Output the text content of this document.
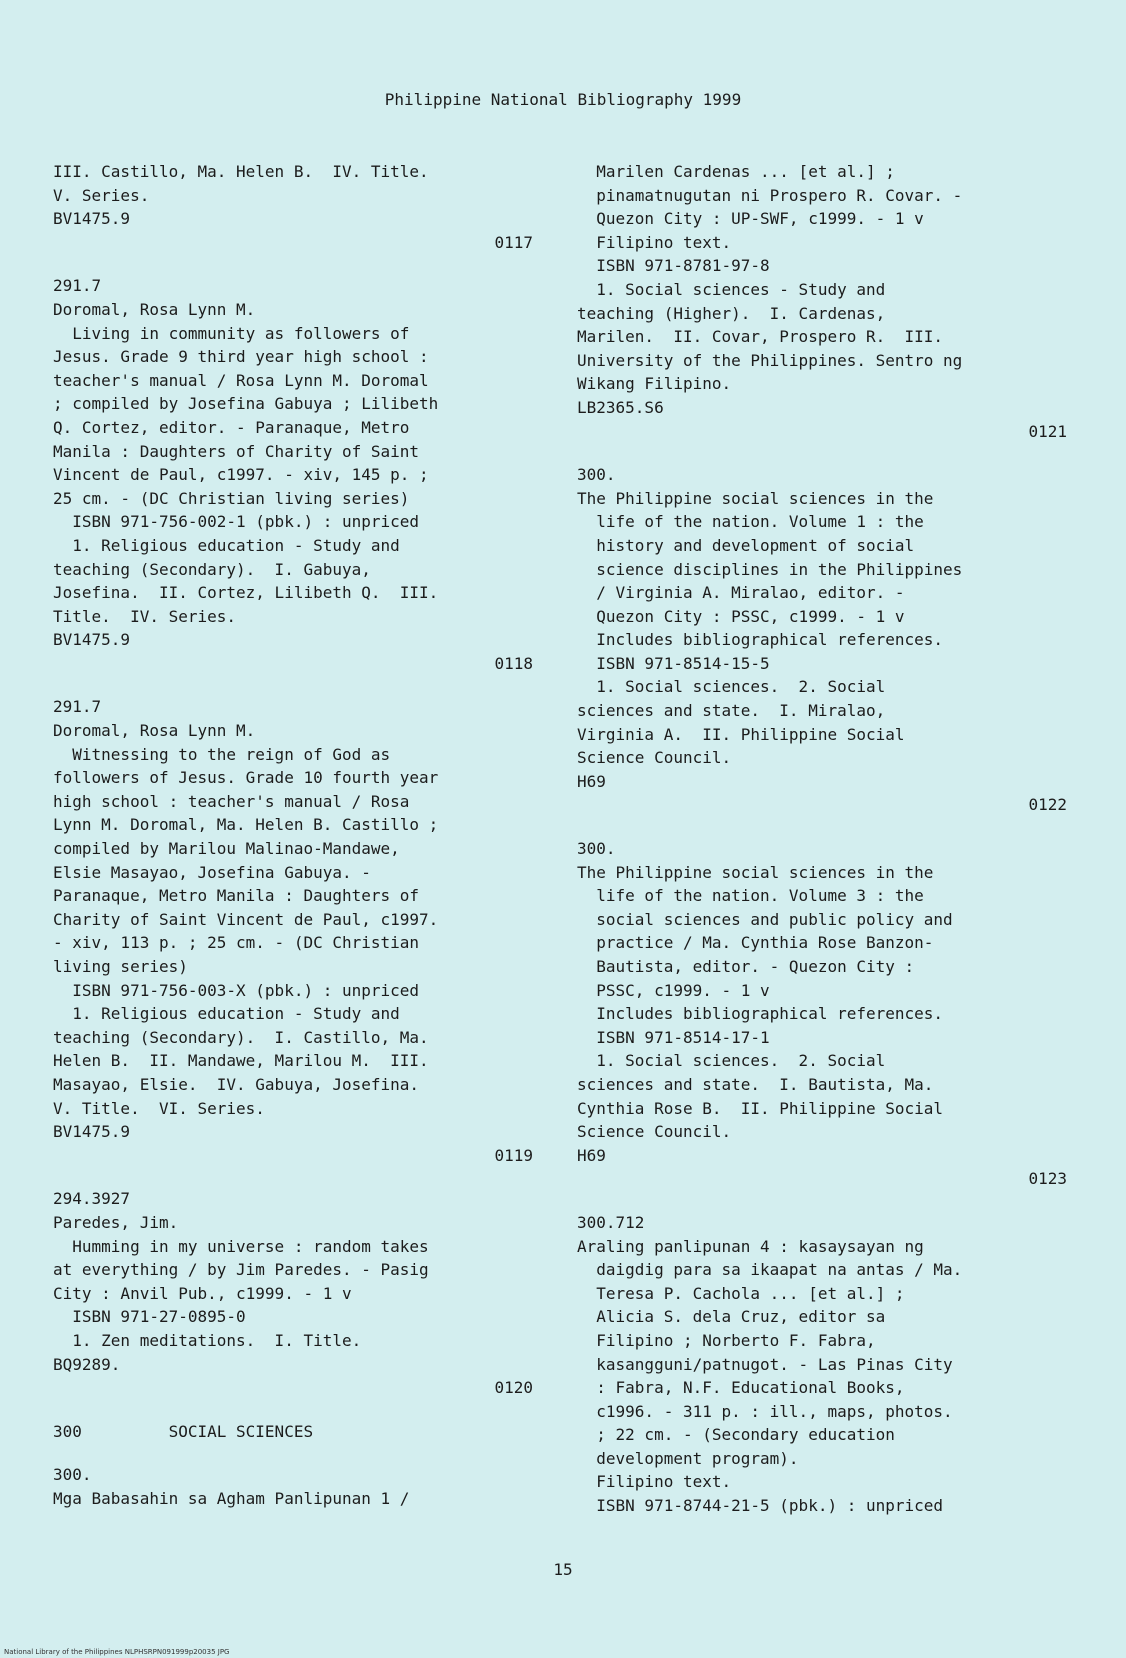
Philippine National Bibliography 1999

III. Castillo, Ma. Helen B.  IV. Title.
V. Series.
BV1475.9

0117

291.7
Doromal, Rosa Lynn M.
Living in community as followers of
Jesus. Grade 9 third year high school :
teacher's manual / Rosa Lynn M. Doromal
; compiled by Josefina Gabuya ; Lilibeth
Q. Cortez, editor. - Paranaque, Metro
Manila : Daughters of Charity of Saint
Vincent de Paul, c1997. - xiv, 145 p. ;
25 cm. - (DC Christian living series)
ISBN 971-756-002-1 (pbk.) : unpriced
1. Religious education - Study and
teaching (Secondary).  I. Gabuya,
Josefina.  II. Cortez, Lilibeth Q.  III.
Title.  IV. Series.
BV1475.9

0118

291.7
Doromal, Rosa Lynn M.
Witnessing to the reign of God as
followers of Jesus. Grade 10 fourth year
high school : teacher's manual / Rosa
Lynn M. Doromal, Ma. Helen B. Castillo ;
compiled by Marilou Malinao-Mandawe,
Elsie Masayao, Josefina Gabuya. -
Paranaque, Metro Manila : Daughters of
Charity of Saint Vincent de Paul, c1997.
- xiv, 113 p. ; 25 cm. - (DC Christian
living series)
ISBN 971-756-003-X (pbk.) : unpriced
1. Religious education - Study and
teaching (Secondary).  I. Castillo, Ma.
Helen B.  II. Mandawe, Marilou M.  III.
Masayao, Elsie.  IV. Gabuya, Josefina.
V. Title.  VI. Series.
BV1475.9

0119

294.3927
Paredes, Jim.
Humming in my universe : random takes
at everything / by Jim Paredes. - Pasig
City : Anvil Pub., c1999. - 1 v
ISBN 971-27-0895-0
1. Zen meditations.  I. Title.
BQ9289.

0120

300         SOCIAL SCIENCES

300.
Mga Babasahin sa Agham Panlipunan 1 /

Marilen Cardenas ... [et al.] ;
pinamatnugutan ni Prospero R. Covar. -
Quezon City : UP-SWF, c1999. - 1 v
Filipino text.
ISBN 971-8781-97-8
1. Social sciences - Study and
teaching (Higher).  I. Cardenas,
Marilen.  II. Covar, Prospero R.  III.
University of the Philippines. Sentro ng
Wikang Filipino.
LB2365.S6

0121

300.
The Philippine social sciences in the
life of the nation. Volume 1 : the
history and development of social
science disciplines in the Philippines
/ Virginia A. Miralao, editor. -
Quezon City : PSSC, c1999. - 1 v
Includes bibliographical references.
ISBN 971-8514-15-5
1. Social sciences.  2. Social
sciences and state.  I. Miralao,
Virginia A.  II. Philippine Social
Science Council.
H69

0122

300.
The Philippine social sciences in the
life of the nation. Volume 3 : the
social sciences and public policy and
practice / Ma. Cynthia Rose Banzon-
Bautista, editor. - Quezon City :
PSSC, c1999. - 1 v
Includes bibliographical references.
ISBN 971-8514-17-1
1. Social sciences.  2. Social
sciences and state.  I. Bautista, Ma.
Cynthia Rose B.  II. Philippine Social
Science Council.
H69

0123

300.712
Araling panlipunan 4 : kasaysayan ng
daigdig para sa ikaapat na antas / Ma.
Teresa P. Cachola ... [et al.] ;
Alicia S. dela Cruz, editor sa
Filipino ; Norberto F. Fabra,
kasangguni/patnugot. - Las Pinas City
: Fabra, N.F. Educational Books,
c1996. - 311 p. : ill., maps, photos.
; 22 cm. - (Secondary education
development program).
Filipino text.
ISBN 971-8744-21-5 (pbk.) : unpriced

15
National Library of the Philippines NLPHSRPN091999p20035 JPG
